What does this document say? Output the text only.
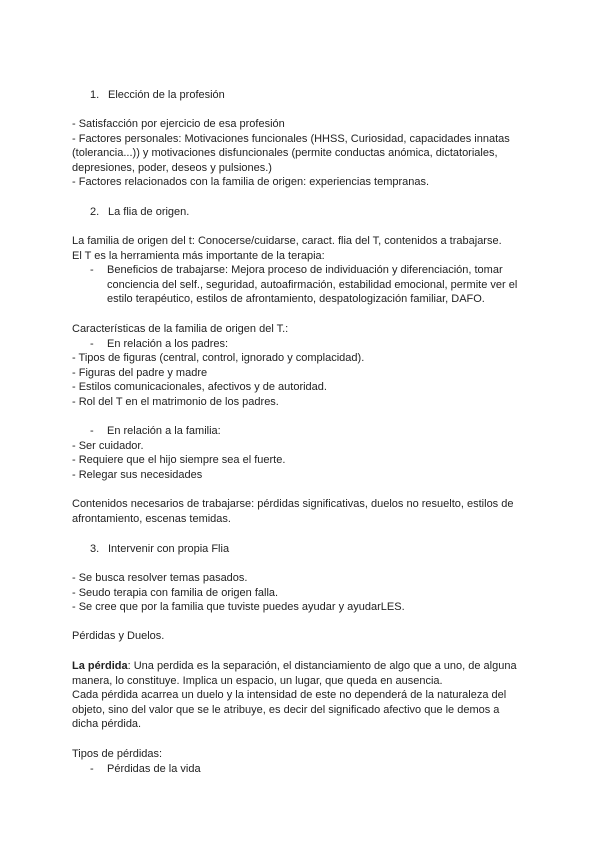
1. Elección de la profesión

- Satisfacción por ejercicio de esa profesión

- Factores personales: Motivaciones funcionales (HHSS, Curiosidad, capacidades innatas (tolerancia...)) y motivaciones disfuncionales (permite conductas anómica, dictatoriales, depresiones, poder, deseos y pulsiones.)

- Factores relacionados con la familia de origen: experiencias tempranas.

2. La flia de origen.

La familia de origen del t: Conocerse/cuidarse, caract. flia del T, contenidos a trabajarse.

El T es la herramienta más importante de la terapia:

- Beneficios de trabajarse: Mejora proceso de individuación y diferenciación, tomar conciencia del self., seguridad, autoafirmación, estabilidad emocional, permite ver el estilo terapéutico, estilos de afrontamiento, despatologización familiar, DAFO.

Características de la familia de origen del T.:

- En relación a los padres:

- Tipos de figuras (central, control, ignorado y complacidad).

- Figuras del padre y madre

- Estilos comunicacionales, afectivos y de autoridad.

- Rol del T en el matrimonio de los padres.

- En relación a la familia:

- Ser cuidador.

- Requiere que el hijo siempre sea el fuerte.

- Relegar sus necesidades

Contenidos necesarios de trabajarse: pérdidas significativas, duelos no resuelto, estilos de afrontamiento, escenas temidas.

3. Intervenir con propia Flia

- Se busca resolver temas pasados.

- Seudo terapia con familia de origen falla.

- Se cree que por la familia que tuviste puedes ayudar y ayudarLES.

Pérdidas y Duelos.

La pérdida: Una perdida es la separación, el distanciamiento de algo que a uno, de alguna manera, lo constituye. Implica un espacio, un lugar, que queda en ausencia.

Cada pérdida acarrea un duelo y la intensidad de este no dependerá de la naturaleza del objeto, sino del valor que se le atribuye, es decir del significado afectivo que le demos a dicha pérdida.

Tipos de pérdidas:

- Pérdidas de la vida
